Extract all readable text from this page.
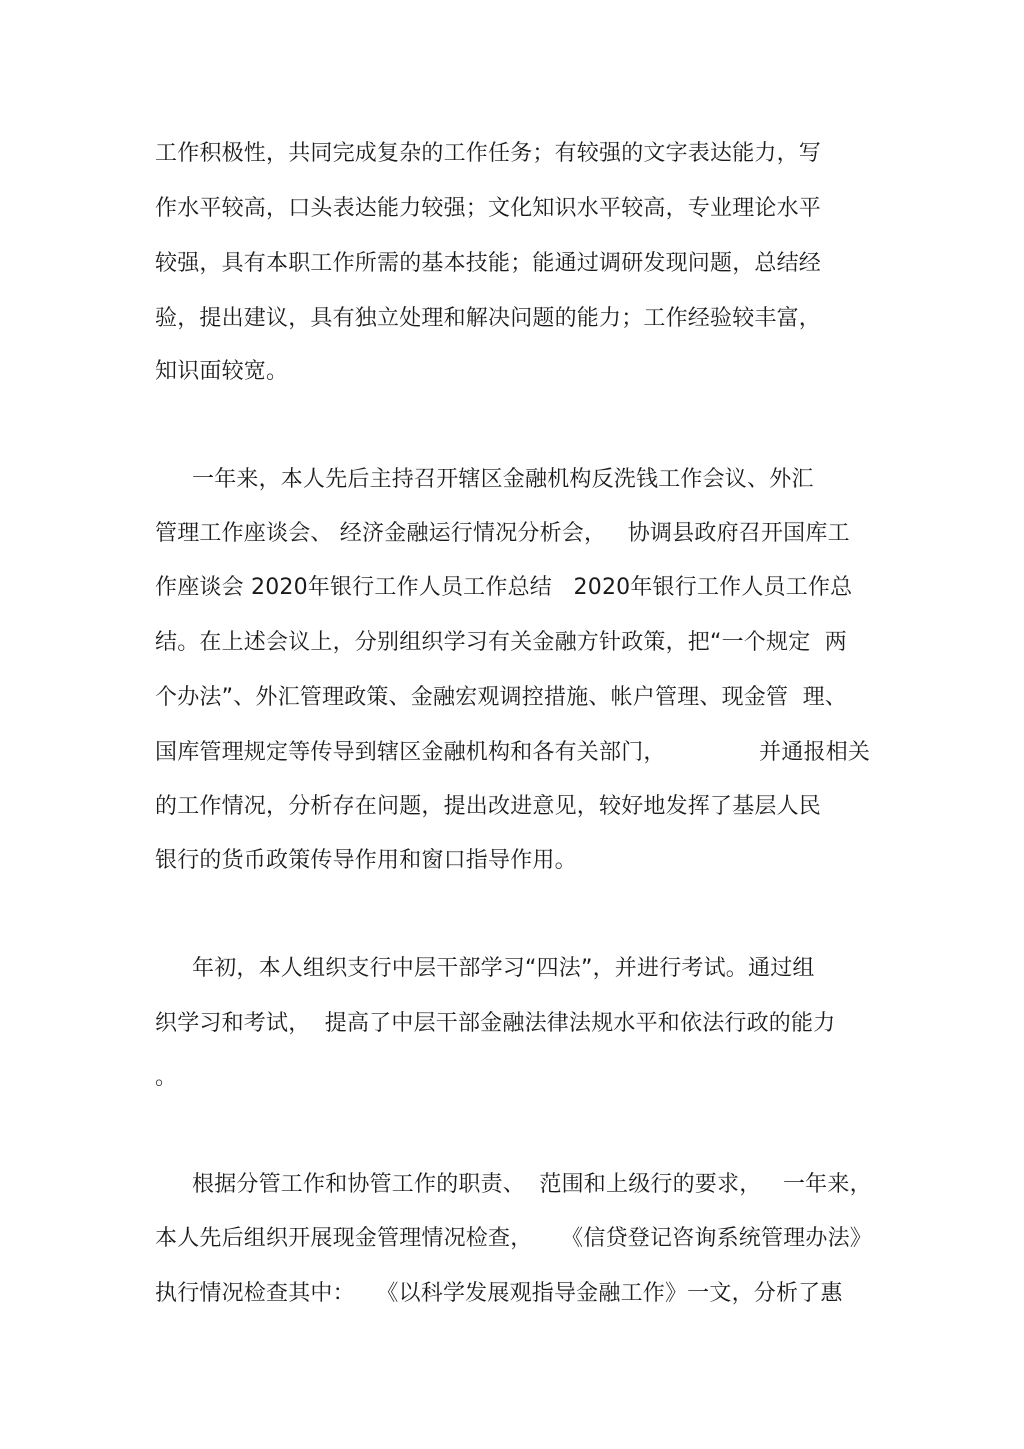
工作积极性，共同完成复杂的工作任务；有较强的文字表达能力，写

作水平较高，口头表达能力较强；文化知识水平较高，专业理论水平

较强，具有本职工作所需的基本技能；能通过调研发现问题，总结经

验，提出建议，具有独立处理和解决问题的能力；工作经验较丰富，

知识面较宽。

一年来，本人先后主持召开辖区金融机构反洗钱工作会议、外汇

管理工作座谈会、 经济金融运行情况分析会，   协调县政府召开国库工

作座谈会 2020年银行工作人员工作总结   2020年银行工作人员工作总

结。在上述会议上，分别组织学习有关金融方针政策，把“一个规定  两

个办法”、外汇管理政策、金融宏观调控措施、帐户管理、现金管  理、

国库管理规定等传导到辖区金融机构和各有关部门，             并通报相关

的工作情况，分析存在问题，提出改进意见，较好地发挥了基层人民

银行的货币政策传导作用和窗口指导作用。

年初，本人组织支行中层干部学习“四法”，并进行考试。通过组

织学习和考试，  提高了中层干部金融法律法规水平和依法行政的能力

。

根据分管工作和协管工作的职责、  范围和上级行的要求，   一年来，

本人先后组织开展现金管理情况检查，    《信贷登记咨询系统管理办法》

执行情况检查其中：   《以科学发展观指导金融工作》一文，分析了惠
